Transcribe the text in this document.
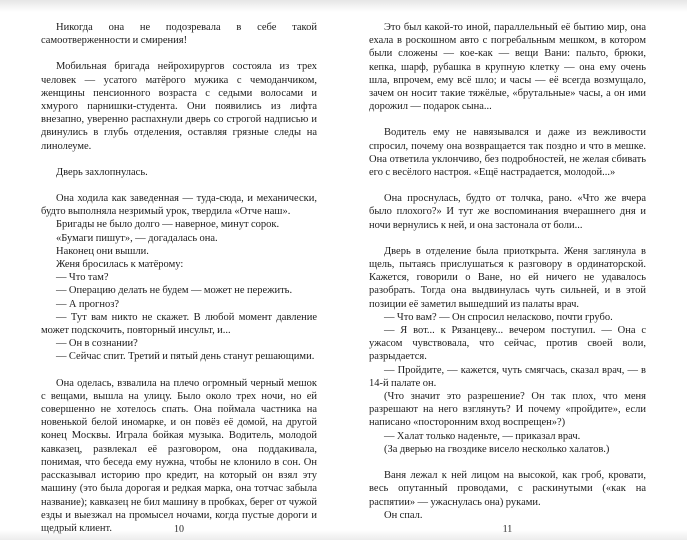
Никогда она не подозревала в себе такой самоотверженности и смирения!

Мобильная бригада нейрохирургов состояла из трех человек — усатого матёрого мужика с чемоданчиком, женщины пенсионного возраста с седыми волосами и хмурого парнишки-студента. Они появились из лифта внезапно, уверенно распахнули дверь со строгой надписью и двинулись в глубь отделения, оставляя грязные следы на линолеуме.

Дверь захлопнулась.

Она ходила как заведенная — туда-сюда, и механически, будто выполняла незримый урок, твердила «Отче наш».

Бригады не было долго — наверное, минут сорок.

«Бумаги пишут», — догадалась она.

Наконец они вышли.

Женя бросилась к матёрому:

— Что там?

— Операцию делать не будем — может не пережить.

— А прогноз?

— Тут вам никто не скажет. В любой момент давление может подскочить, повторный инсульт, и...

— Он в сознании?

— Сейчас спит. Третий и пятый день станут решающими.

Она оделась, взвалила на плечо огромный черный мешок с вещами, вышла на улицу. Было около трех ночи, но ей совершенно не хотелось спать. Она поймала частника на новенькой белой иномарке, и он повёз её домой, на другой конец Москвы. Играла бойкая музыка. Водитель, молодой кавказец, развлекал её разговором, она поддакивала, понимая, что беседа ему нужна, чтобы не клонило в сон. Он рассказывал историю про кредит, на который он взял эту машину (это была дорогая и редкая марка, она тотчас забыла название); кавказец не бил машину в пробках, берег от чужой езды и выезжал на промысел ночами, когда пустые дороги и щедрый клиент.	10

Это был какой-то иной, параллельный её бытию мир, она ехала в роскошном авто с погребальным мешком, в котором были сложены — кое-как — вещи Вани: пальто, брюки, кепка, шарф, рубашка в крупную клетку — она ему очень шла, впрочем, ему всё шло; и часы — её всегда возмущало, зачем он носит такие тяжёлые, «брутальные» часы, а он ими дорожил — подарок сына...

Водитель ему не навязывался и даже из вежливости спросил, почему она возвращается так поздно и что в мешке. Она ответила уклончиво, без подробностей, не желая сбивать его с весёлого настроя. «Ещё настрадается, молодой...»

Она проснулась, будто от толчка, рано. «Что же вчера было плохого?» И тут же воспоминания вчерашнего дня и ночи вернулись к ней, и она застонала от боли...

Дверь в отделение была приоткрыта. Женя заглянула в щель, пытаясь прислушаться к разговору в ординаторской. Кажется, говорили о Ване, но ей ничего не удавалось разобрать. Тогда она выдвинулась чуть сильней, и в этой позиции её заметил вышедший из палаты врач.

— Что вам? — Он спросил неласково, почти грубо.

— Я вот... к Рязанцеву... вечером поступил. — Она с ужасом чувствовала, что сейчас, против своей воли, разрыдается.

— Пройдите, — кажется, чуть смягчась, сказал врач, — в 14-й палате он.

(Что значит это разрешение? Он так плох, что меня разрешают на него взглянуть? И почему «пройдите», если написано «посторонним вход воспрещен»?)

— Халат только наденьте, — приказал врач.

(За дверью на гвоздике висело несколько халатов.)

Ваня лежал к ней лицом на высокой, как гроб, кровати, весь опутанный проводами, с раскинутыми («как на распятии» — ужаснулась она) руками.

Он спал.

11
